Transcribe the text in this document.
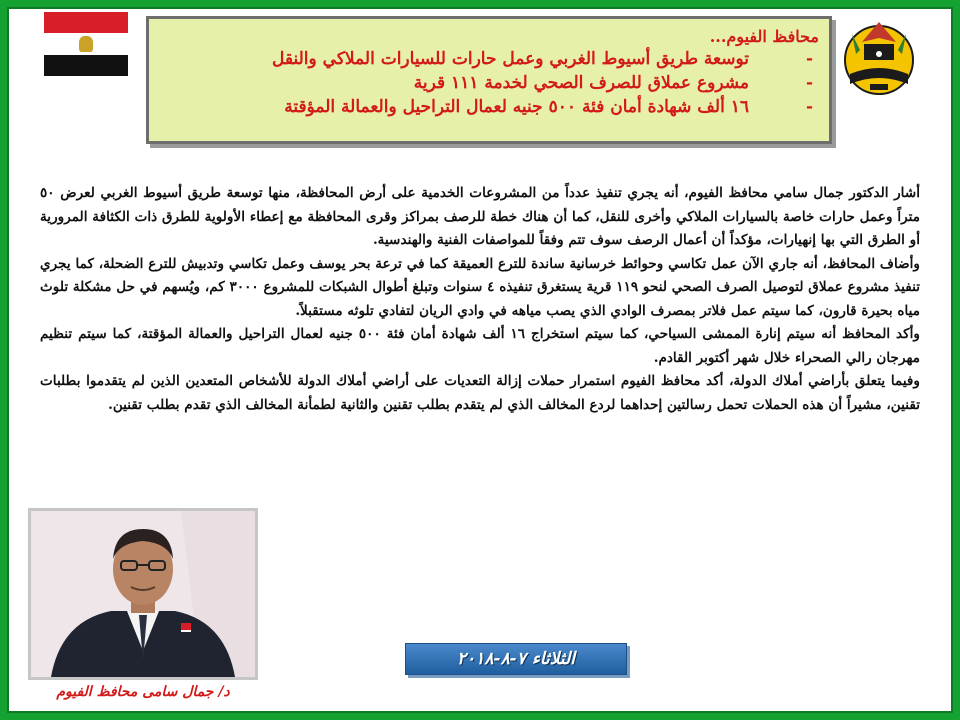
محافظ الفيوم...
-
توسعة طريق أسيوط الغربي وعمل حارات للسيارات الملاكي والنقل
-
مشروع عملاق للصرف الصحي لخدمة ١١١ قرية
-
١٦ ألف شهادة أمان فئة ٥٠٠ جنيه لعمال التراحيل والعمالة المؤقتة

أشار الدكتور جمال سامي محافظ الفيوم، أنه يجري تنفيذ عدداً من المشروعات الخدمية على أرض المحافظة، منها توسعة طريق أسيوط الغربي لعرض ٥٠ متراً وعمل حارات خاصة بالسيارات الملاكي وأخرى للنقل، كما أن هناك خطة للرصف بمراكز وقرى المحافظة مع إعطاء الأولوية للطرق ذات الكثافة المرورية أو الطرق التي بها إنهيارات، مؤكداً أن أعمال الرصف سوف تتم وفقاً للمواصفات الفنية والهندسية.

وأضاف المحافظ، أنه جاري الآن عمل تكاسي وحوائط خرسانية ساندة للترع العميقة كما في ترعة بحر يوسف وعمل تكاسي وتدبيش للترع الضحلة، كما يجري تنفيذ مشروع عملاق لتوصيل الصرف الصحي لنحو ١١٩ قرية يستغرق تنفيذه ٤ سنوات وتبلغ أطوال الشبكات للمشروع ٣٠٠٠ كم، ويُسهم في حل مشكلة تلوث مياه بحيرة قارون، كما سيتم عمل فلاتر بمصرف الوادي الذي يصب مياهه في وادي الريان لتفادي تلوثه مستقبلاً.

وأكد المحافظ أنه سيتم إنارة الممشى السياحي، كما سيتم استخراج ١٦ ألف شهادة أمان فئة ٥٠٠ جنيه لعمال التراحيل والعمالة المؤقتة، كما سيتم تنظيم مهرجان رالي الصحراء خلال شهر أكتوبر القادم.

وفيما يتعلق بأراضي أملاك الدولة، أكد محافظ الفيوم استمرار حملات إزالة التعديات على أراضي أملاك الدولة للأشخاص المتعدين الذين لم يتقدموا بطلبات تقنين، مشيراً أن هذه الحملات تحمل رسالتين إحداهما لردع المخالف الذي لم يتقدم بطلب تقنين والثانية لطمأنة المخالف الذي تقدم بطلب تقنين.

د/ جمال سامى محافظ الفيوم
الثلاثاء ٧-٨-٢٠١٨
